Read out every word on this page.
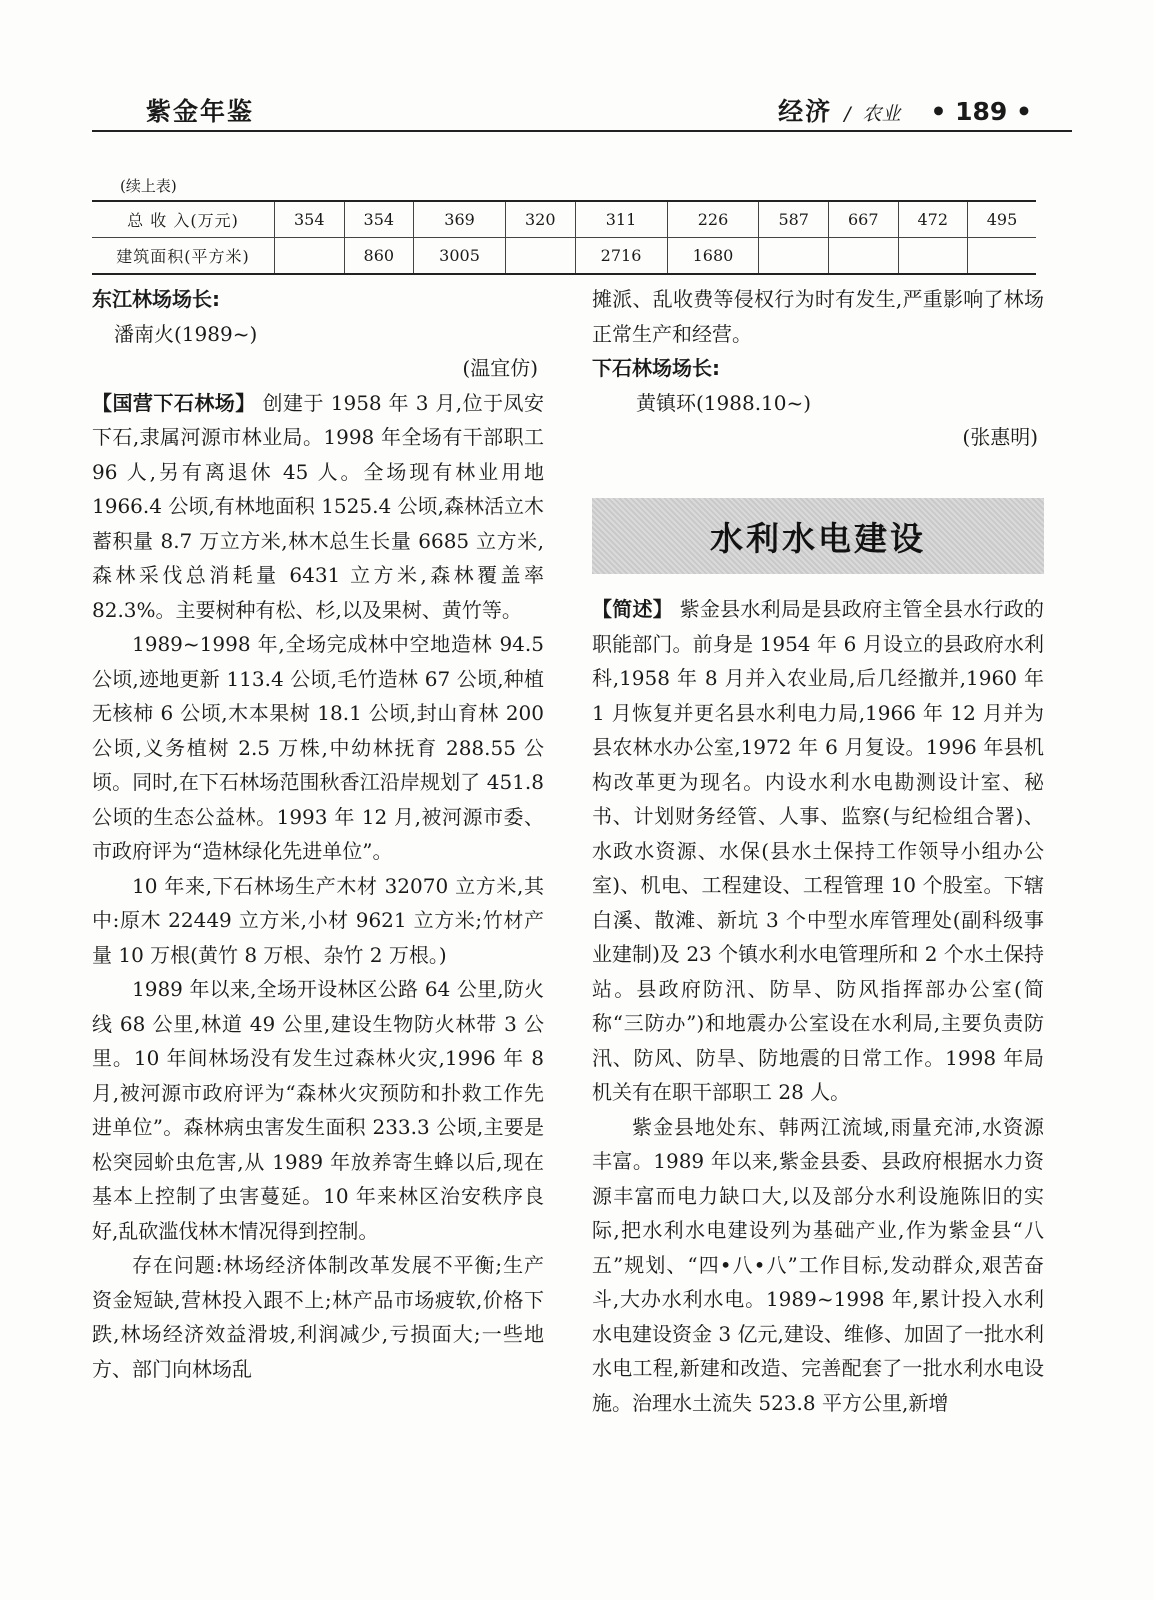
紫金年鉴	经济 / 农业 • 189 •
(续上表)
总 收 入(万元)	354	354	369	320	311	226	587	667	472	495
建筑面积(平方米)		860	3005		2716	1680				

东江林场场长:

潘南火(1989~)

(温宜仿)

【国营下石林场】 创建于 1958 年 3 月,位于凤安下石,隶属河源市林业局。1998 年全场有干部职工 96 人,另有离退休 45 人。全场现有林业用地 1966.4 公顷,有林地面积 1525.4 公顷,森林活立木蓄积量 8.7 万立方米,林木总生长量 6685 立方米,森林采伐总消耗量 6431 立方米,森林覆盖率 82.3%。主要树种有松、杉,以及果树、黄竹等。

1989~1998 年,全场完成林中空地造林 94.5 公顷,迹地更新 113.4 公顷,毛竹造林 67 公顷,种植无核柿 6 公顷,木本果树 18.1 公顷,封山育林 200 公顷,义务植树 2.5 万株,中幼林抚育 288.55 公顷。同时,在下石林场范围秋香江沿岸规划了 451.8 公顷的生态公益林。1993 年 12 月,被河源市委、市政府评为“造林绿化先进单位”。

10 年来,下石林场生产木材 32070 立方米,其中:原木 22449 立方米,小材 9621 立方米;竹材产量 10 万根(黄竹 8 万根、杂竹 2 万根。)

1989 年以来,全场开设林区公路 64 公里,防火线 68 公里,林道 49 公里,建设生物防火林带 3 公里。10 年间林场没有发生过森林火灾,1996 年 8 月,被河源市政府评为“森林火灾预防和扑救工作先进单位”。森林病虫害发生面积 233.3 公顷,主要是松突园蚧虫危害,从 1989 年放养寄生蜂以后,现在基本上控制了虫害蔓延。10 年来林区治安秩序良好,乱砍滥伐林木情况得到控制。

存在问题:林场经济体制改革发展不平衡;生产资金短缺,营林投入跟不上;林产品市场疲软,价格下跌,林场经济效益滑坡,利润减少,亏损面大;一些地方、部门向林场乱

摊派、乱收费等侵权行为时有发生,严重影响了林场正常生产和经营。

下石林场场长:

黄镇环(1988.10~)

(张惠明)

水利水电建设

【简述】 紫金县水利局是县政府主管全县水行政的职能部门。前身是 1954 年 6 月设立的县政府水利科,1958 年 8 月并入农业局,后几经撤并,1960 年 1 月恢复并更名县水利电力局,1966 年 12 月并为县农林水办公室,1972 年 6 月复设。1996 年县机构改革更为现名。内设水利水电勘测设计室、秘书、计划财务经管、人事、监察(与纪检组合署)、水政水资源、水保(县水土保持工作领导小组办公室)、机电、工程建设、工程管理 10 个股室。下辖白溪、散滩、新坑 3 个中型水库管理处(副科级事业建制)及 23 个镇水利水电管理所和 2 个水土保持站。县政府防汛、防旱、防风指挥部办公室(简称“三防办”)和地震办公室设在水利局,主要负责防汛、防风、防旱、防地震的日常工作。1998 年局机关有在职干部职工 28 人。

紫金县地处东、韩两江流域,雨量充沛,水资源丰富。1989 年以来,紫金县委、县政府根据水力资源丰富而电力缺口大,以及部分水利设施陈旧的实际,把水利水电建设列为基础产业,作为紫金县“八五”规划、“四•八•八”工作目标,发动群众,艰苦奋斗,大办水利水电。1989~1998 年,累计投入水利水电建设资金 3 亿元,建设、维修、加固了一批水利水电工程,新建和改造、完善配套了一批水利水电设施。治理水土流失 523.8 平方公里,新增
